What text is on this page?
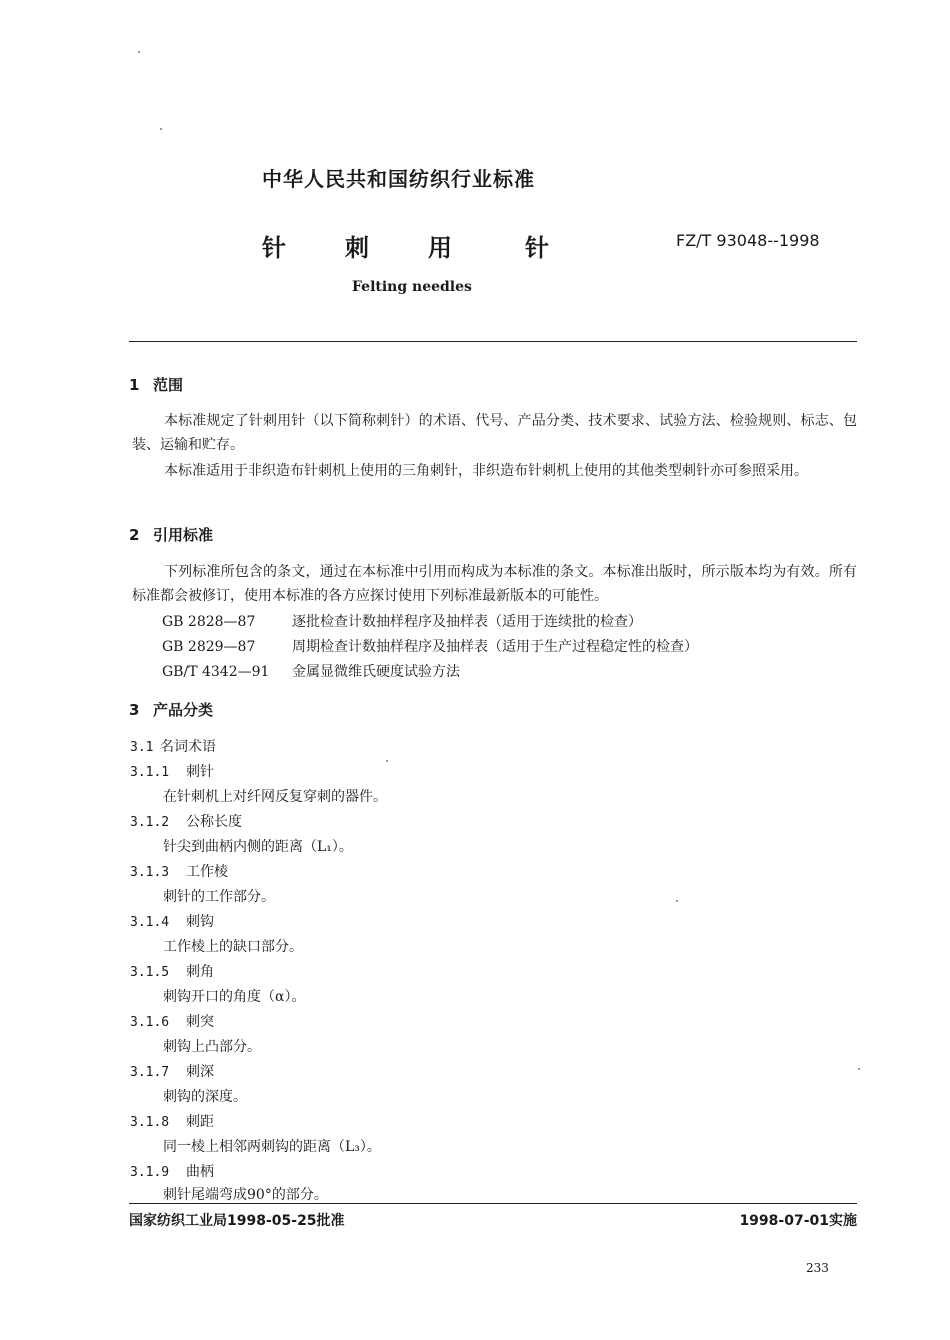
中华人民共和国纺织行业标准
针 刺 用	针	FZ/T 93048--1998
Felting needles
1 范围
本标准规定了针刺用针（以下简称刺针）的术语、代号、产品分类、技术要求、试验方法、检验规则、标志、包装、运输和贮存。
本标准适用于非织造布针刺机上使用的三角刺针，非织造布针刺机上使用的其他类型刺针亦可参照采用。
2 引用标准
下列标准所包含的条文，通过在本标准中引用而构成为本标准的条文。本标准出版时，所示版本均为有效。所有标准都会被修订，使用本标准的各方应探讨使用下列标准最新版本的可能性。
GB 2828—87	逐批检查计数抽样程序及抽样表（适用于连续批的检查）
GB 2829—87	周期检查计数抽样程序及抽样表（适用于生产过程稳定性的检查）
GB/T 4342—91 金属显微维氏硬度试验方法
3 产品分类
3.1 名词术语
3.1.1 刺针
在针刺机上对纤网反复穿刺的器件。
3.1.2 公称长度
针尖到曲柄内侧的距离（L₁）。
3.1.3 工作棱
刺针的工作部分。
3.1.4 刺钩
工作棱上的缺口部分。
3.1.5 刺角
刺钩开口的角度（α）。
3.1.6 刺突
刺钩上凸部分。
3.1.7 刺深
刺钩的深度。
3.1.8 刺距
同一棱上相邻两刺钩的距离（L₃）。
3.1.9 曲柄
刺针尾端弯成90°的部分。
国家纺织工业局1998-05-25批准	1998-07-01实施
233
